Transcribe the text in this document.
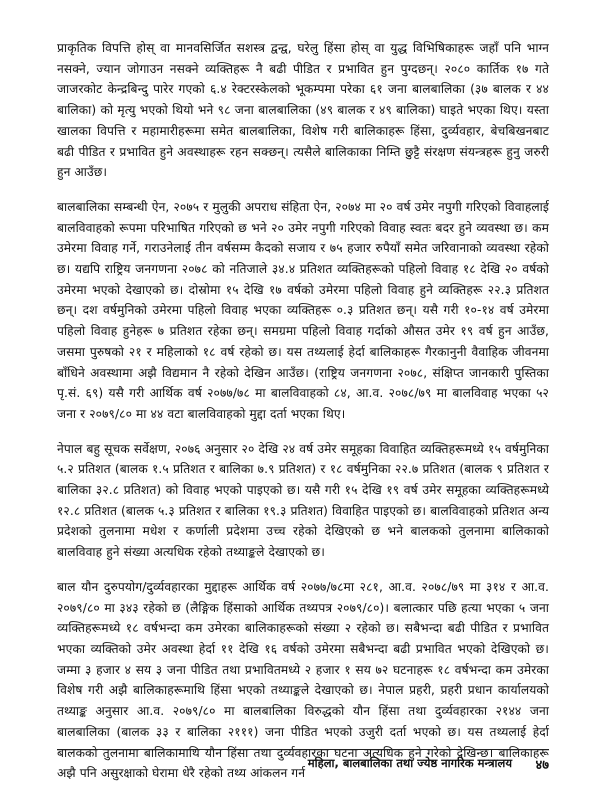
प्राकृतिक विपत्ति होस् वा मानवसिर्जित सशस्त्र द्वन्द्व, घरेलु हिंसा होस् वा युद्ध विभिषिकाहरू जहाँ पनि भाग्न नसक्ने, ज्यान जोगाउन नसक्ने व्यक्तिहरू नै बढी पीडित र प्रभावित हुन पुग्दछन्। २०८० कार्तिक १७ गते जाजरकोट केन्द्रबिन्दु पारेर गएको ६.४ रेक्टरस्केलको भूकम्पमा परेका ६१ जना बालबालिका (३७ बालक र ४४ बालिका) को मृत्यु भएको थियो भने ९८ जना बालबालिका (४९ बालक र ४९ बालिका) घाइते भएका थिए। यस्ता खालका विपत्ति र महामारीहरूमा समेत बालबालिका, विशेष गरी बालिकाहरू हिंसा, दुर्व्यवहार, बेचबिखनबाट बढी पीडित र प्रभावित हुने अवस्थाहरू रहन सक्छन्। त्यसैले बालिकाका निम्ति छुट्टै संरक्षण संयन्त्रहरू हुनु जरुरी हुन आउँछ।

बालबालिका सम्बन्धी ऐन, २०७५ र मुलुकी अपराध संहिता ऐन, २०७४ मा २० वर्ष उमेर नपुगी गरिएको विवाहलाई बालविवाहको रूपमा परिभाषित गरिएको छ भने २० उमेर नपुगी गरिएको विवाह स्वतः बदर हुने व्यवस्था छ। कम उमेरमा विवाह गर्ने, गराउनेलाई तीन वर्षसम्म कैदको सजाय र ७५ हजार रुपैयाँ समेत जरिवानाको व्यवस्था रहेको छ। यद्यपि राष्ट्रिय जनगणना २०७८ को नतिजाले ३४.४ प्रतिशत व्यक्तिहरूको पहिलो विवाह १८ देखि २० वर्षको उमेरमा भएको देखाएको छ। दोस्रोमा १५ देखि १७ वर्षको उमेरमा पहिलो विवाह हुने व्यक्तिहरू २२.३ प्रतिशत छन्। दश वर्षमुनिको उमेरमा पहिलो विवाह भएका व्यक्तिहरू ०.३ प्रतिशत छन्। यसै गरी १०-१४ वर्ष उमेरमा पहिलो विवाह हुनेहरू ७ प्रतिशत रहेका छन्। समग्रमा पहिलो विवाह गर्दाको औसत उमेर १९ वर्ष हुन आउँछ, जसमा पुरुषको २१ र महिलाको १८ वर्ष रहेको छ। यस तथ्यलाई हेर्दा बालिकाहरू गैरकानुनी वैवाहिक जीवनमा बाँधिने अवस्थामा अझै विद्यमान नै रहेको देखिन आउँछ। (राष्ट्रिय जनगणना २०७८, संक्षिप्त जानकारी पुस्तिका पृ.सं. ६९) यसै गरी आर्थिक वर्ष २०७७/७८ मा बालविवाहको ८४, आ.व. २०७८/७९ मा बालविवाह भएका ५२ जना र २०७९/८० मा ४४ वटा बालविवाहको मुद्दा दर्ता भएका थिए।

नेपाल बहु सूचक सर्वेक्षण, २०७६ अनुसार २० देखि २४ वर्ष उमेर समूहका विवाहित व्यक्तिहरूमध्ये १५ वर्षमुनिका ५.२ प्रतिशत (बालक १.५ प्रतिशत र बालिका ७.९ प्रतिशत) र १८ वर्षमुनिका २२.७ प्रतिशत (बालक ९ प्रतिशत र बालिका ३२.८ प्रतिशत) को विवाह भएको पाइएको छ। यसै गरी १५ देखि १९ वर्ष उमेर समूहका व्यक्तिहरूमध्ये १२.८ प्रतिशत (बालक ५.३ प्रतिशत र बालिका १९.३ प्रतिशत) विवाहित पाइएको छ। बालविवाहको प्रतिशत अन्य प्रदेशको तुलनामा मधेश र कर्णाली प्रदेशमा उच्च रहेको देखिएको छ भने बालकको तुलनामा बालिकाको बालविवाह हुने संख्या अत्यधिक रहेको तथ्याङ्कले देखाएको छ।

बाल यौन दुरुपयोग/दुर्व्यवहारका मुद्दाहरू आर्थिक वर्ष २०७७/७८मा २८१, आ.व. २०७८/७९ मा ३१४ र आ.व. २०७९/८० मा ३४३ रहेको छ (लैङ्गिक हिंसाको आर्थिक तथ्यपत्र २०७९/८०)। बलात्कार पछि हत्या भएका ५ जना व्यक्तिहरूमध्ये १८ वर्षभन्दा कम उमेरका बालिकाहरूको संख्या २ रहेको छ। सबैभन्दा बढी पीडित र प्रभावित भएका व्यक्तिको उमेर अवस्था हेर्दा ११ देखि १६ वर्षको उमेरमा सबैभन्दा बढी प्रभावित भएको देखिएको छ। जम्मा ३ हजार ४ सय ३ जना पीडित तथा प्रभावितमध्ये २ हजार १ सय ७२ घटनाहरू १८ वर्षभन्दा कम उमेरका विशेष गरी अझै बालिकाहरूमाथि हिंसा भएको तथ्याङ्कले देखाएको छ। नेपाल प्रहरी, प्रहरी प्रधान कार्यालयको तथ्याङ्क अनुसार आ.व. २०७९/८० मा बालबालिका विरुद्धको यौन हिंसा तथा दुर्व्यवहारका २१४४ जना बालबालिका (बालक ३३ र बालिका २१११) जना पीडित भएको उजुरी दर्ता भएको छ। यस तथ्यलाई हेर्दा बालकको तुलनामा बालिकामाथि यौन हिंसा तथा दुर्व्यवहारका घटना अत्यधिक हुने गरेको देखिन्छ। बालिकाहरू अझै पनि असुरक्षाको घेरामा धेरै रहेको तथ्य आंकलन गर्न

महिला, बालबालिका तथा ज्येष्ठ नागरिक मन्त्रालय	४७
